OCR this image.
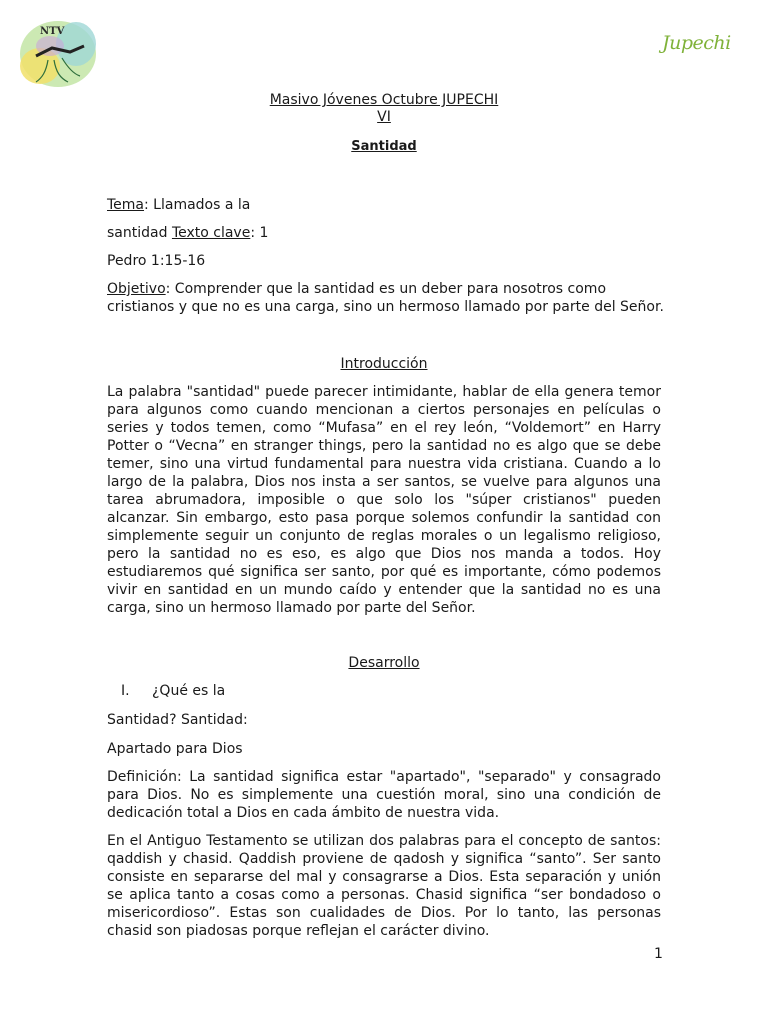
NTV
Jupechi
Masivo Jóvenes Octubre JUPECHI
VI
Santidad
Tema: Llamados a la
santidad Texto clave: 1
Pedro 1:15-16
Objetivo: Comprender que la santidad es un deber para nosotros como
cristianos y que no es una carga, sino un hermoso llamado por parte del Señor.
Introducción
La palabra "santidad" puede parecer intimidante, hablar de ella genera temor para algunos como cuando mencionan a ciertos personajes en películas o series y todos temen, como “Mufasa” en el rey león, “Voldemort” en Harry Potter o “Vecna” en stranger things, pero la santidad no es algo que se debe temer, sino una virtud fundamental para nuestra vida cristiana. Cuando a lo largo de la palabra, Dios nos insta a ser santos, se vuelve para algunos una tarea abrumadora, imposible o que solo los "súper cristianos" pueden alcanzar. Sin embargo, esto pasa porque solemos confundir la santidad con simplemente seguir un conjunto de reglas morales o un legalismo religioso, pero la santidad no es eso, es algo que Dios nos manda a todos. Hoy estudiaremos qué significa ser santo, por qué es importante, cómo podemos vivir en santidad en un mundo caído y entender que la santidad no es una carga, sino un hermoso llamado por parte del Señor.
Desarrollo
I. ¿Qué es la
Santidad? Santidad:
Apartado para Dios
Definición: La santidad significa estar "apartado", "separado" y consagrado para Dios. No es simplemente una cuestión moral, sino una condición de dedicación total a Dios en cada ámbito de nuestra vida.
En el Antiguo Testamento se utilizan dos palabras para el concepto de santos: qaddish y chasid. Qaddish proviene de qadosh y significa “santo”. Ser santo consiste en separarse del mal y consagrarse a Dios. Esta separación y unión se aplica tanto a cosas como a personas. Chasid significa “ser bondadoso o misericordioso”. Estas son cualidades de Dios. Por lo tanto, las personas chasid son piadosas porque reflejan el carácter divino.
1
